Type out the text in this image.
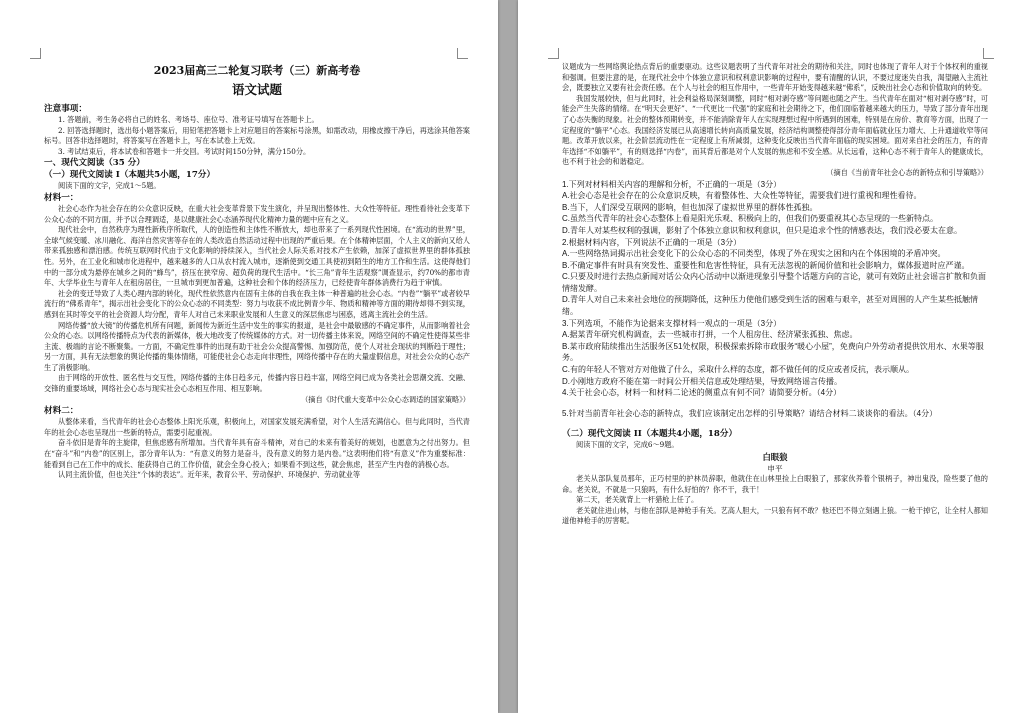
2023届高三二轮复习联考（三）新高考卷
语文试题
注意事项：

1. 答题前，考生务必将自己的姓名、考场号、座位号、准考证号填写在答题卡上。

2. 回答选择题时，选出每小题答案后，用铅笔把答题卡上对应题目的答案标号涂黑，如需改动，用橡皮擦干净后，再选涂其他答案标号。回答非选择题时，将答案写在答题卡上，写在本试卷上无效。

3. 考试结束后，将本试卷和答题卡一并交回。考试时间150分钟，满分150分。

一、现代文阅读（35 分）
（一）现代文阅读 I（本题共5小题，17分）

阅读下面的文字，完成1～5题。

材料一：

社会心态作为社会存在的公众意识反映，在重大社会变革背景下发生演化，并呈现出整体性、大众性等特征。理性看待社会变革下公众心态的不同方面，并予以合理调适，是以健康社会心态涵养现代化精神力量的题中应有之义。

现代社会中，自然秩序为理性新秩序所取代，人的创造性和主体性不断放大，却也带来了一系列现代性困境。在“流动的世界”里，全球气候变暖、冰川融化、海洋自然灾害等存在的人类改造自然活动过程中出现的严重后果。在个体精神层面，个人主义的新向又给人带来孤独感和漂泊感。传统互联网时代由于文化影响的持续深入，当代社会人际关系对技术产生依赖，加深了虚拟世界里的群体孤独性。另外，在工业化和城市化进程中，越来越多的人口从农村流入城市，逐渐使到交通工具使初到陌生的地方工作和生活。这使得他们中的一部分成为悬停在城乡之间的“蜂鸟”，挤压在狭窄房、超负荷的现代生活中。“长三角”青年生活观察”调查显示，约70%的都市青年、大学毕业生与青年人在租房居住，一旦城市到更加普遍，这种社会和个体的经济压力，已经使青年群体消费行为趋于审慎。

社会的变迁导致了人类心理内部的转化，现代性依然意内在固有主体的自我在我主体一种普遍的社会心态。“内卷”“躺平”或者较早流行的“佛系青年”，揭示出社会变化下的公众心态的不同类型：努力与收获不成比例青少年、物质和精神等方面的期待却得不到实现，感到在其时等交平的社会资源人均分配，青年人对自己未来职业发展和人生意义的深层焦虑与困惑，逃离主流社会的生活。

网络传播“放大镜”的传播危机所有问题，新闻传为新近生活中发生的事实的报道，是社会中最敏感的不确定事件，从而影响着社会公众的心态。以网络传播特点为代表的新媒体，极大地改变了传统媒体的方式。对一切传播主体来说，网络空间的不确定性使得某些非主流、极端的言论不断聚集。一方面，不确定性事件的出现有助于社会公众提高警惕、加强防范，使个人对社会现状的判断趋于理性；另一方面，具有无法想象的舆论传播的集体情绪，可能使社会心态走向非理性，网络传播中存在的大量虚假信息，对社会公众的心态产生了消极影响。

由于网络的开放性、匿名性与交互性，网络传播的主体日趋多元，传播内容日趋丰富，网络空间已成为各类社会思潮交流、交融、交锋的重要场域，网络社会心态与现实社会心态相互作用、相互影响。

（摘自《时代重大变革中公众心态调适的国家策略》）
材料二：

从整体来看，当代青年的社会心态整体上阳光乐观，积极向上，对国家发展充满希望，对个人生活充满信心。但与此同时，当代青年的社会心态也呈现出一些新的特点，需要引起重视。

奋斗依旧是青年的主旋律，但焦虑感有所增加。当代青年具有奋斗精神，对自己的未来有着美好的规划，也愿意为之付出努力。但在“奋斗”和“内卷”的区别上，部分青年认为：“有意义的努力是奋斗，没有意义的努力是内卷。”这表明他们将“有意义”作为重要标准：能看到自己在工作中的成长、能获得自己的工作价值，就会全身心投入；如果看不到这些，就会焦虑，甚至产生内卷的消极心态。

认同主流价值，但也关注“个体的表达”。近年来，教育公平、劳动保护、环境保护、劳动就业等

议题成为一些网络舆论热点背后的重要驱动。这些议题表明了当代青年对社会的期待和关注，同时也体现了青年人对于个体权利的重视和强调。但要注意的是，在现代社会中个体独立意识和权利意识影响的过程中，要有清醒的认识，不要过度迷失自我，渴望融入主流社会，既要独立又要有社会责任感。在个人与社会的相互作用中，一些青年开始变得越来越“佛系”，反映出社会心态和价值取向的转变。

我国发展较快，但与此同时，社会利益格局深刻调整，同时“相对剥夺感”等问题也随之产生。当代青年在面对“相对剥夺感”时，可能会产生失落的情绪。在“明天会更好”、“一代更比一代强”的家庭和社会期待之下，他们面临着越来越大的压力，导致了部分青年出现了心态失衡的现象。社会的整体预期转变，并不能消除青年人在实现理想过程中所遇到的困难，特别是在房价、教育等方面，出现了一定程度的“躺平”心态。我国经济发展已从高速增长转向高质量发展，经济结构调整使得部分青年面临就业压力增大、上升通道收窄等问题。改革开放以来，社会阶层流动性在一定程度上有所减弱，这种变化反映出当代青年面临的现实困境。面对来自社会的压力，有的青年选择“不如躺平”，有的则选择“内卷”，而其背后都是对个人发展的焦虑和不安全感。从长远看，这种心态不利于青年人的健康成长，也不利于社会的和谐稳定。

（摘自《当前青年社会心态的新特点和引导策略》）
1.下列对材料相关内容的理解和分析，不正确的一项是（3分）
A.社会心态是社会存在的公众意识反映，有着整体性、大众性等特征，需要我们进行重视和理性看待。
B.当下，人们深受互联网的影响，但也加深了虚拟世界里的群体性孤独。
C.虽然当代青年的社会心态整体上看是阳光乐观、积极向上的，但我们仍要重视其心态呈现的一些新特点。
D.青年人对某些权利的强调，影射了个体独立意识和权利意识，但只是追求个性的情感表达，我们没必要太在意。
2.根据材料内容，下列说法不正确的一项是（3分）
A.一些网络热词揭示出社会变化下的公众心态的不同类型，体现了外在现实之困和内在个体困境的矛盾冲突。
B.不确定事件有时具有突发性、重要性和危害性特征，具有无法忽视的新闻价值和社会影响力，媒体报道时应严谨。
C.只要及时进行去热点新闻对话公众内心活动中以渐进现象引导整个话题方向的言论，就可有效防止社会谣言扩散和负面情绪发酵。
D.青年人对自己未来社会地位的预期降低，这种压力使他们感受到生活的困难与艰辛，甚至对周围的人产生某些抵触情绪。
3.下列选项，不能作为论据来支撑材料一观点的一项是（3分）
A.据某青年研究机构调查，去一些城市打拼，一个人租房住、经济紧张孤独、焦虑。
B.某市政府陆续推出生活服务区51处权限，积极探索拆除市政服务“暖心小屋”，免费向户外劳动者提供饮用水、水果等服务。
C.有的年轻人不管对方对他做了什么，采取什么样的态度，都不做任何的反应或者反抗，表示顺从。
D.小刚地方政府不能在第一时间公开相关信息或处理结果，导致网络谣言传播。
4.关于社会心态，材料一和材料二论述的侧重点有何不同？请简要分析。（4分）
5.针对当前青年社会心态的新特点，我们应该制定出怎样的引导策略？请结合材料二谈谈你的看法。（4分）
（二）现代文阅读 II（本题共4小题，18分）

阅读下面的文字，完成6～9题。

白眼狼
申平

老关从部队复员那年，正巧村里的护林员辞职，他就住在山林里捡上白眼狼了，那家伙养着个银柄子，神出鬼没，险些要了他的命。老关说，不就是一只狼吗，有什么好怕的？你不干，我干！

第二天，老关就背上一杆猎枪上任了。

老关就住进山林，与他在部队是神枪手有关。艺高人胆大，一只狼有何不敢？他还巴不得立刻遇上狼。一枪干掉它，让全村人都知道他神枪手的厉害呢。
